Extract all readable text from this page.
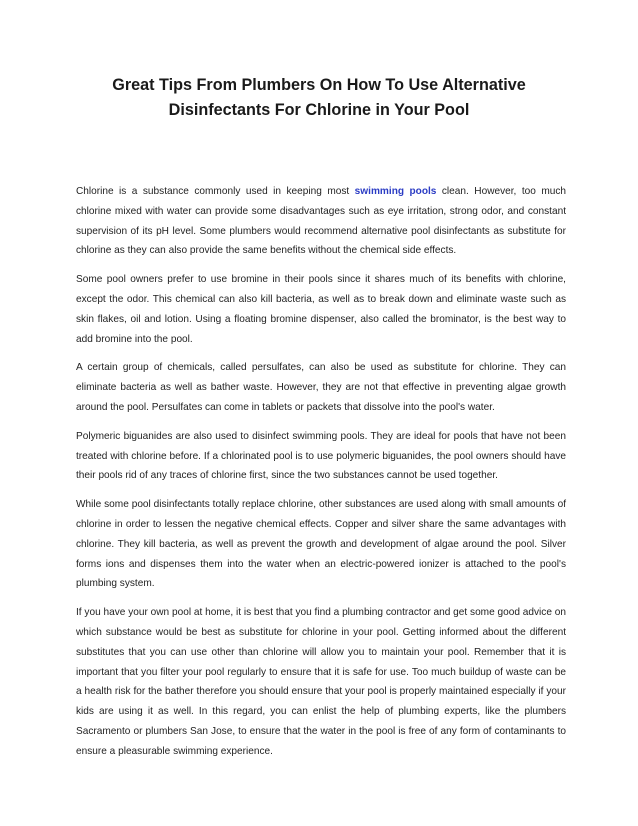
Great Tips From Plumbers On How To Use Alternative
Disinfectants For Chlorine in Your Pool

Chlorine is a substance commonly used in keeping most swimming pools clean. However, too much chlorine mixed with water can provide some disadvantages such as eye irritation, strong odor, and constant supervision of its pH level. Some plumbers would recommend alternative pool disinfectants as substitute for chlorine as they can also provide the same benefits without the chemical side effects.

Some pool owners prefer to use bromine in their pools since it shares much of its benefits with chlorine, except the odor. This chemical can also kill bacteria, as well as to break down and eliminate waste such as skin flakes, oil and lotion. Using a floating bromine dispenser, also called the brominator, is the best way to add bromine into the pool.

A certain group of chemicals, called persulfates, can also be used as substitute for chlorine. They can eliminate bacteria as well as bather waste. However, they are not that effective in preventing algae growth around the pool. Persulfates can come in tablets or packets that dissolve into the pool's water.

Polymeric biguanides are also used to disinfect swimming pools. They are ideal for pools that have not been treated with chlorine before. If a chlorinated pool is to use polymeric biguanides, the pool owners should have their pools rid of any traces of chlorine first, since the two substances cannot be used together.

While some pool disinfectants totally replace chlorine, other substances are used along with small amounts of chlorine in order to lessen the negative chemical effects. Copper and silver share the same advantages with chlorine. They kill bacteria, as well as prevent the growth and development of algae around the pool. Silver forms ions and dispenses them into the water when an electric-powered ionizer is attached to the pool's plumbing system.

If you have your own pool at home, it is best that you find a plumbing contractor and get some good advice on which substance would be best as substitute for chlorine in your pool. Getting informed about the different substitutes that you can use other than chlorine will allow you to maintain your pool. Remember that it is important that you filter your pool regularly to ensure that it is safe for use. Too much buildup of waste can be a health risk for the bather therefore you should ensure that your pool is properly maintained especially if your kids are using it as well. In this regard, you can enlist the help of plumbing experts, like the plumbers Sacramento or plumbers San Jose, to ensure that the water in the pool is free of any form of contaminants to ensure a pleasurable swimming experience.
